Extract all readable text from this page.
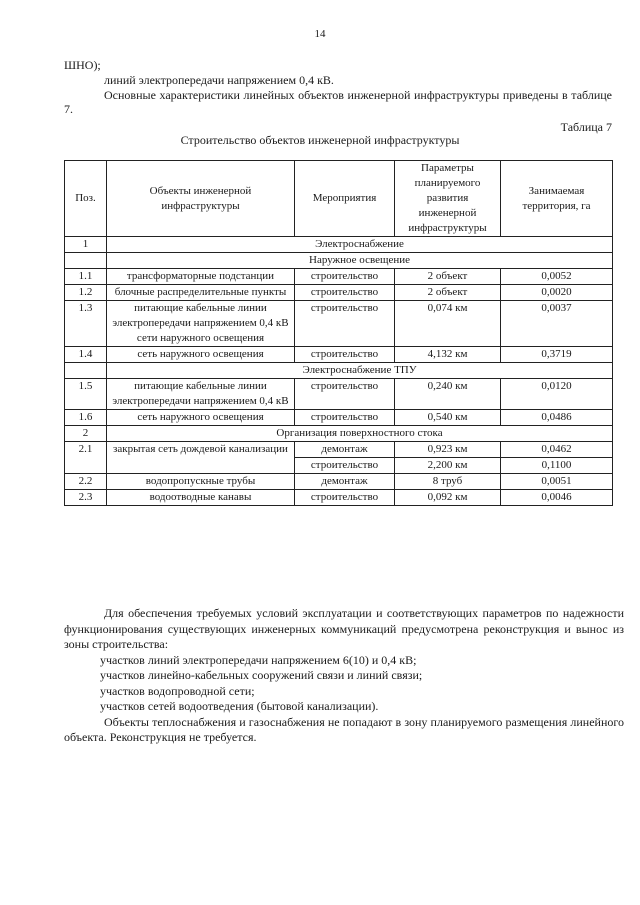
14

ШНО);

линий электропередачи напряжением 0,4 кВ.

Основные характеристики линейных объектов инженерной инфраструктуры приведены в таблице 7.

Таблица 7
Строительство объектов инженерной инфраструктуры
Поз.	Объекты инженерной инфраструктуры	Мероприятия	Параметры планируемого развития инженерной инфраструктуры	Занимаемая территория, га
1	Электроснабжение			
	Наружное освещение			
1.1	трансформаторные подстанции	строительство	2 объект	0,0052
1.2	блочные распределительные пункты	строительство	2 объект	0,0020
1.3	питающие кабельные линии электропередачи напряжением 0,4 кВ сети наружного освещения	строительство	0,074 км	0,0037
1.4	сеть наружного освещения	строительство	4,132 км	0,3719
	Электроснабжение ТПУ			
1.5	питающие кабельные линии электропередачи напряжением 0,4 кВ	строительство	0,240 км	0,0120
1.6	сеть наружного освещения	строительство	0,540 км	0,0486
2	Организация поверхностного стока			
2.1	закрытая сеть дождевой канализации	демонтаж	0,923 км	0,0462
		строительство	2,200 км	0,1100
2.2	водопропускные трубы	демонтаж	8 труб	0,0051
2.3	водоотводные канавы	строительство	0,092 км	0,0046

Для обеспечения требуемых условий эксплуатации и соответствующих параметров по надежности функционирования существующих инженерных коммуникаций предусмотрена реконструкция и вынос из зоны строительства:

участков линий электропередачи напряжением 6(10) и 0,4 кВ;

участков линейно-кабельных сооружений связи и линий связи;

участков водопроводной сети;

участков сетей водоотведения (бытовой канализации).

Объекты теплоснабжения и газоснабжения не попадают в зону планируемого размещения линейного объекта. Реконструкция не требуется.
